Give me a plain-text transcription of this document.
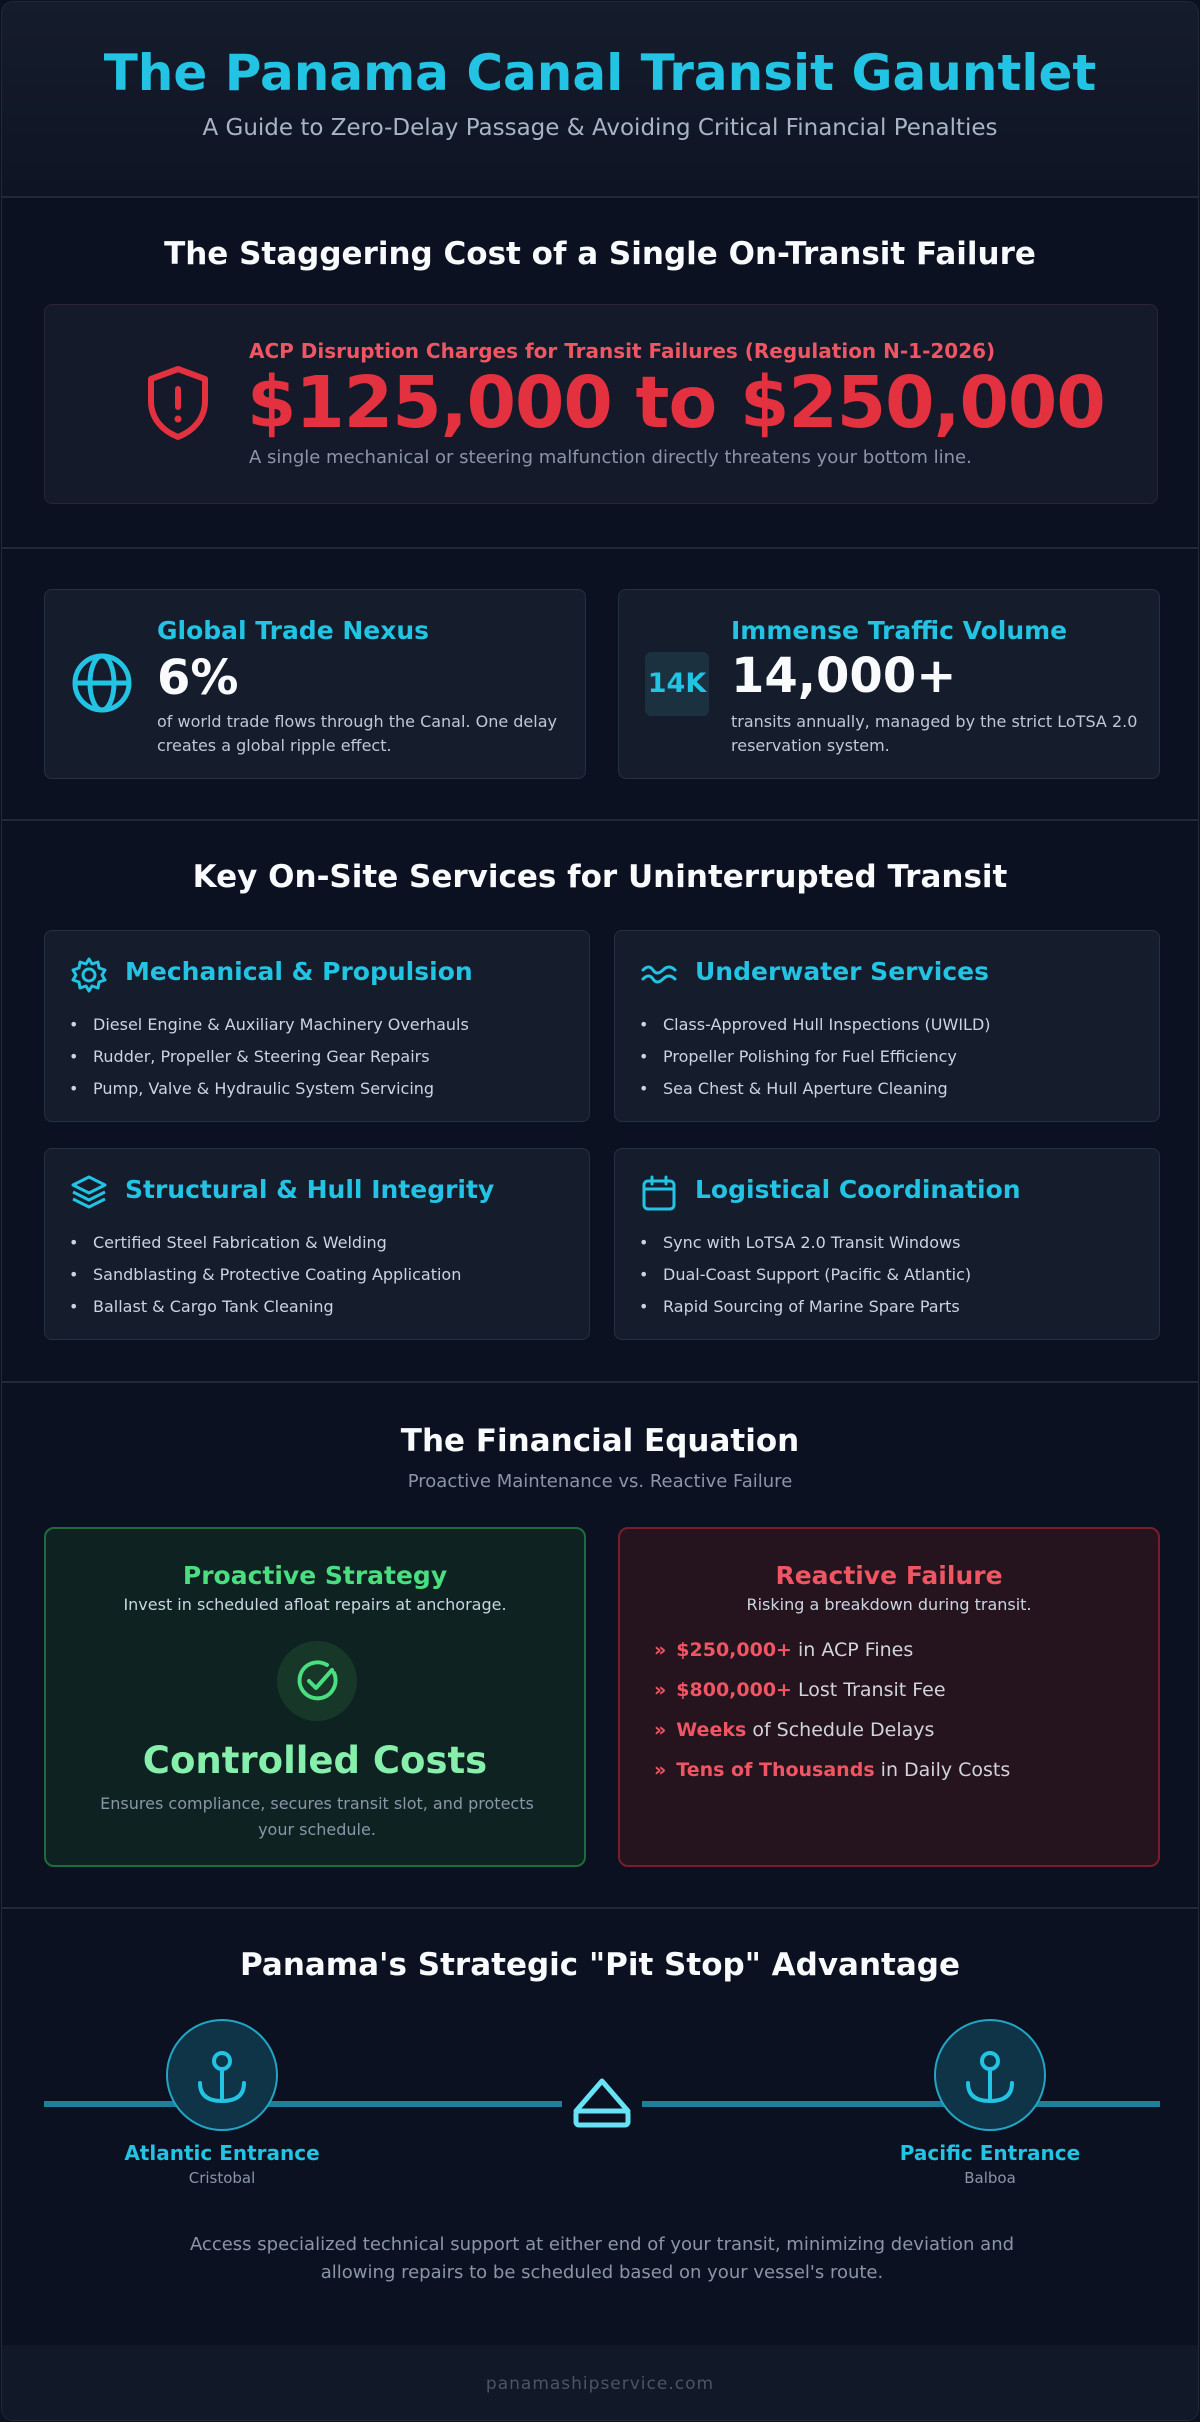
The Panama Canal Transit Gauntlet
A Guide to Zero-Delay Passage & Avoiding Critical Financial Penalties
The Staggering Cost of a Single On-Transit Failure
ACP Disruption Charges for Transit Failures (Regulation N-1-2026)
$125,000 to $250,000
A single mechanical or steering malfunction directly threatens your bottom line.
Global Trade Nexus
6%
of world trade flows through the Canal. One delay creates a global ripple effect.
14K
Immense Traffic Volume
14,000+
transits annually, managed by the strict LoTSA 2.0 reservation system.
Key On-Site Services for Uninterrupted Transit
Mechanical & Propulsion
• Diesel Engine & Auxiliary Machinery Overhauls
• Rudder, Propeller & Steering Gear Repairs
• Pump, Valve & Hydraulic System Servicing
Underwater Services
• Class-Approved Hull Inspections (UWILD)
• Propeller Polishing for Fuel Efficiency
• Sea Chest & Hull Aperture Cleaning
Structural & Hull Integrity
• Certified Steel Fabrication & Welding
• Sandblasting & Protective Coating Application
• Ballast & Cargo Tank Cleaning
Logistical Coordination
• Sync with LoTSA 2.0 Transit Windows
• Dual-Coast Support (Pacific & Atlantic)
• Rapid Sourcing of Marine Spare Parts
The Financial Equation
Proactive Maintenance vs. Reactive Failure
Proactive Strategy
Invest in scheduled afloat repairs at anchorage.
Controlled Costs
Ensures compliance, secures transit slot, and protects your schedule.
Reactive Failure
Risking a breakdown during transit.
» $250,000+ in ACP Fines
» $800,000+ Lost Transit Fee
» Weeks of Schedule Delays
» Tens of Thousands in Daily Costs
Panama's Strategic "Pit Stop" Advantage
Atlantic Entrance
Cristobal
Pacific Entrance
Balboa
Access specialized technical support at either end of your transit, minimizing deviation and allowing repairs to be scheduled based on your vessel's route.
panamashipservice.com
